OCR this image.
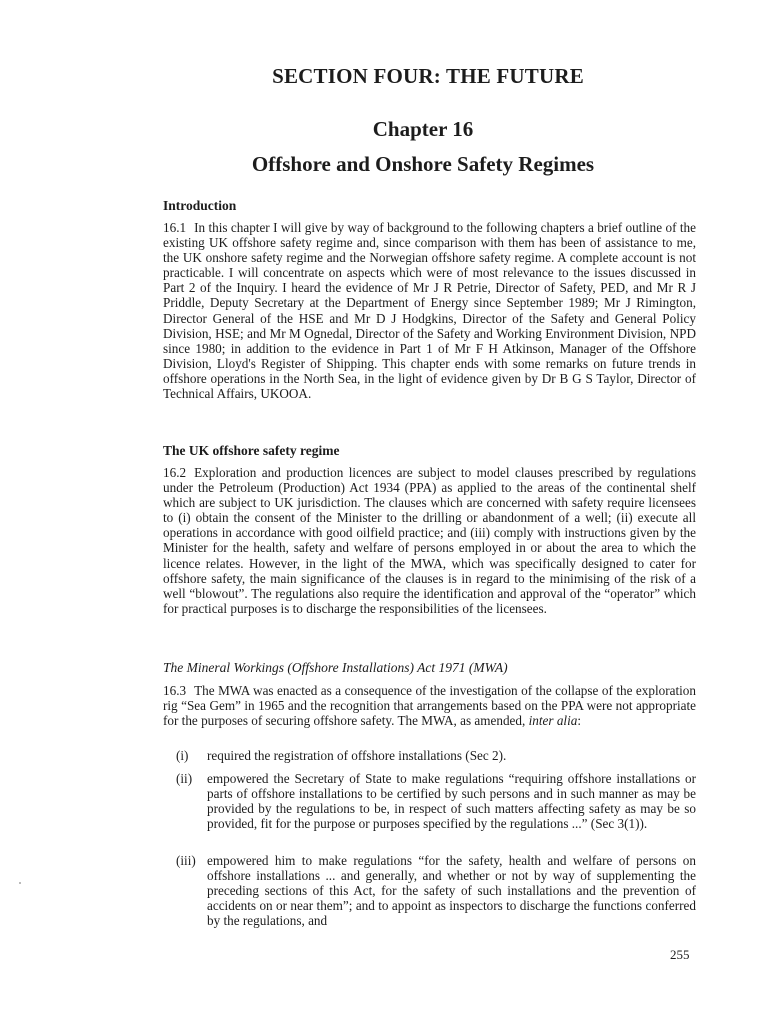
SECTION FOUR: THE FUTURE
Chapter 16
Offshore and Onshore Safety Regimes
Introduction
16.1 In this chapter I will give by way of background to the following chapters a brief outline of the existing UK offshore safety regime and, since comparison with them has been of assistance to me, the UK onshore safety regime and the Norwegian offshore safety regime. A complete account is not practicable. I will concentrate on aspects which were of most relevance to the issues discussed in Part 2 of the Inquiry. I heard the evidence of Mr J R Petrie, Director of Safety, PED, and Mr R J Priddle, Deputy Secretary at the Department of Energy since September 1989; Mr J Rimington, Director General of the HSE and Mr D J Hodgkins, Director of the Safety and General Policy Division, HSE; and Mr M Ognedal, Director of the Safety and Working Environment Division, NPD since 1980; in addition to the evidence in Part 1 of Mr F H Atkinson, Manager of the Offshore Division, Lloyd's Register of Shipping. This chapter ends with some remarks on future trends in offshore operations in the North Sea, in the light of evidence given by Dr B G S Taylor, Director of Technical Affairs, UKOOA.
The UK offshore safety regime
16.2 Exploration and production licences are subject to model clauses prescribed by regulations under the Petroleum (Production) Act 1934 (PPA) as applied to the areas of the continental shelf which are subject to UK jurisdiction. The clauses which are concerned with safety require licensees to (i) obtain the consent of the Minister to the drilling or abandonment of a well; (ii) execute all operations in accordance with good oilfield practice; and (iii) comply with instructions given by the Minister for the health, safety and welfare of persons employed in or about the area to which the licence relates. However, in the light of the MWA, which was specifically designed to cater for offshore safety, the main significance of the clauses is in regard to the minimising of the risk of a well “blowout”. The regulations also require the identification and approval of the “operator” which for practical purposes is to discharge the responsibilities of the licensees.
The Mineral Workings (Offshore Installations) Act 1971 (MWA)
16.3 The MWA was enacted as a consequence of the investigation of the collapse of the exploration rig “Sea Gem” in 1965 and the recognition that arrangements based on the PPA were not appropriate for the purposes of securing offshore safety. The MWA, as amended, inter alia:
(i) required the registration of offshore installations (Sec 2).
(ii) empowered the Secretary of State to make regulations “requiring offshore installations or parts of offshore installations to be certified by such persons and in such manner as may be provided by the regulations to be, in respect of such matters affecting safety as may be so provided, fit for the purpose or purposes specified by the regulations ...” (Sec 3(1)).
(iii) empowered him to make regulations “for the safety, health and welfare of persons on offshore installations ... and generally, and whether or not by way of supplementing the preceding sections of this Act, for the safety of such installations and the prevention of accidents on or near them”; and to appoint as inspectors to discharge the functions conferred by the regulations, and
255
